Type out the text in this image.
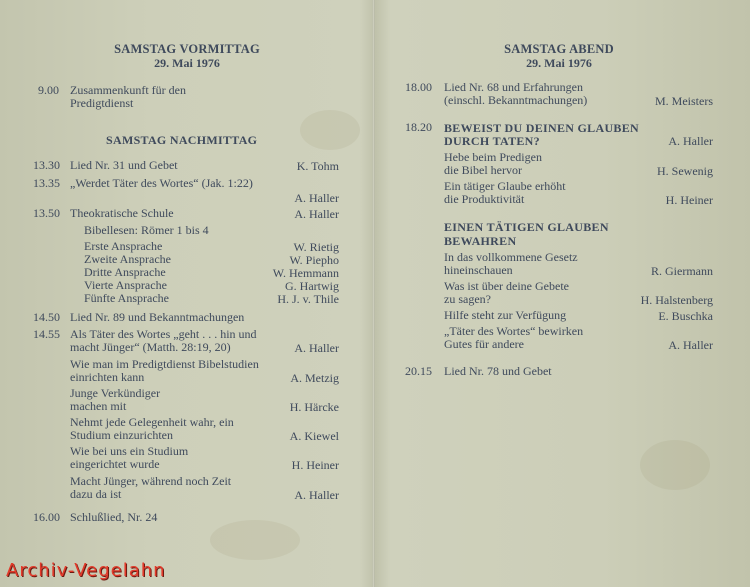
SAMSTAG VORMITTAG
29. Mai 1976
9.00 Zusammenkunft für den
Predigtdienst
SAMSTAG NACHMITTAG
13.30 Lied Nr. 31 und Gebet	K. Tohm
13.35 „Werdet Täter des Wortes“ (Jak. 1:22)
A. Haller
13.50 Theokratische Schule	A. Haller
Bibellesen: Römer 1 bis 4
Erste Ansprache	W. Rietig
Zweite Ansprache	W. Piepho
Dritte Ansprache	W. Hemmann
Vierte Ansprache	G. Hartwig
Fünfte Ansprache	H. J. v. Thile
14.50 Lied Nr. 89 und Bekanntmachungen
14.55 Als Täter des Wortes „geht . . . hin und
macht Jünger“ (Matth. 28:19, 20)	A. Haller
Wie man im Predigtdienst Bibelstudien
einrichten kann	A. Metzig
Junge Verkündiger
machen mit	H. Härcke
Nehmt jede Gelegenheit wahr, ein
Studium einzurichten	A. Kiewel
Wie bei uns ein Studium
eingerichtet wurde	H. Heiner
Macht Jünger, während noch Zeit
dazu da ist	A. Haller
16.00 Schlußlied, Nr. 24
SAMSTAG ABEND
29. Mai 1976
18.00 Lied Nr. 68 und Erfahrungen
(einschl. Bekanntmachungen)	M. Meisters
18.20 BEWEIST DU DEINEN GLAUBEN
DURCH TATEN?	A. Haller
Hebe beim Predigen
die Bibel hervor	H. Sewenig
Ein tätiger Glaube erhöht
die Produktivität	H. Heiner
EINEN TÄTIGEN GLAUBEN
BEWAHREN
In das vollkommene Gesetz
hineinschauen	R. Giermann
Was ist über deine Gebete
zu sagen?	H. Halstenberg
Hilfe steht zur Verfügung	E. Buschka
„Täter des Wortes“ bewirken
Gutes für andere	A. Haller
20.15 Lied Nr. 78 und Gebet
Archiv-Vegelahn
